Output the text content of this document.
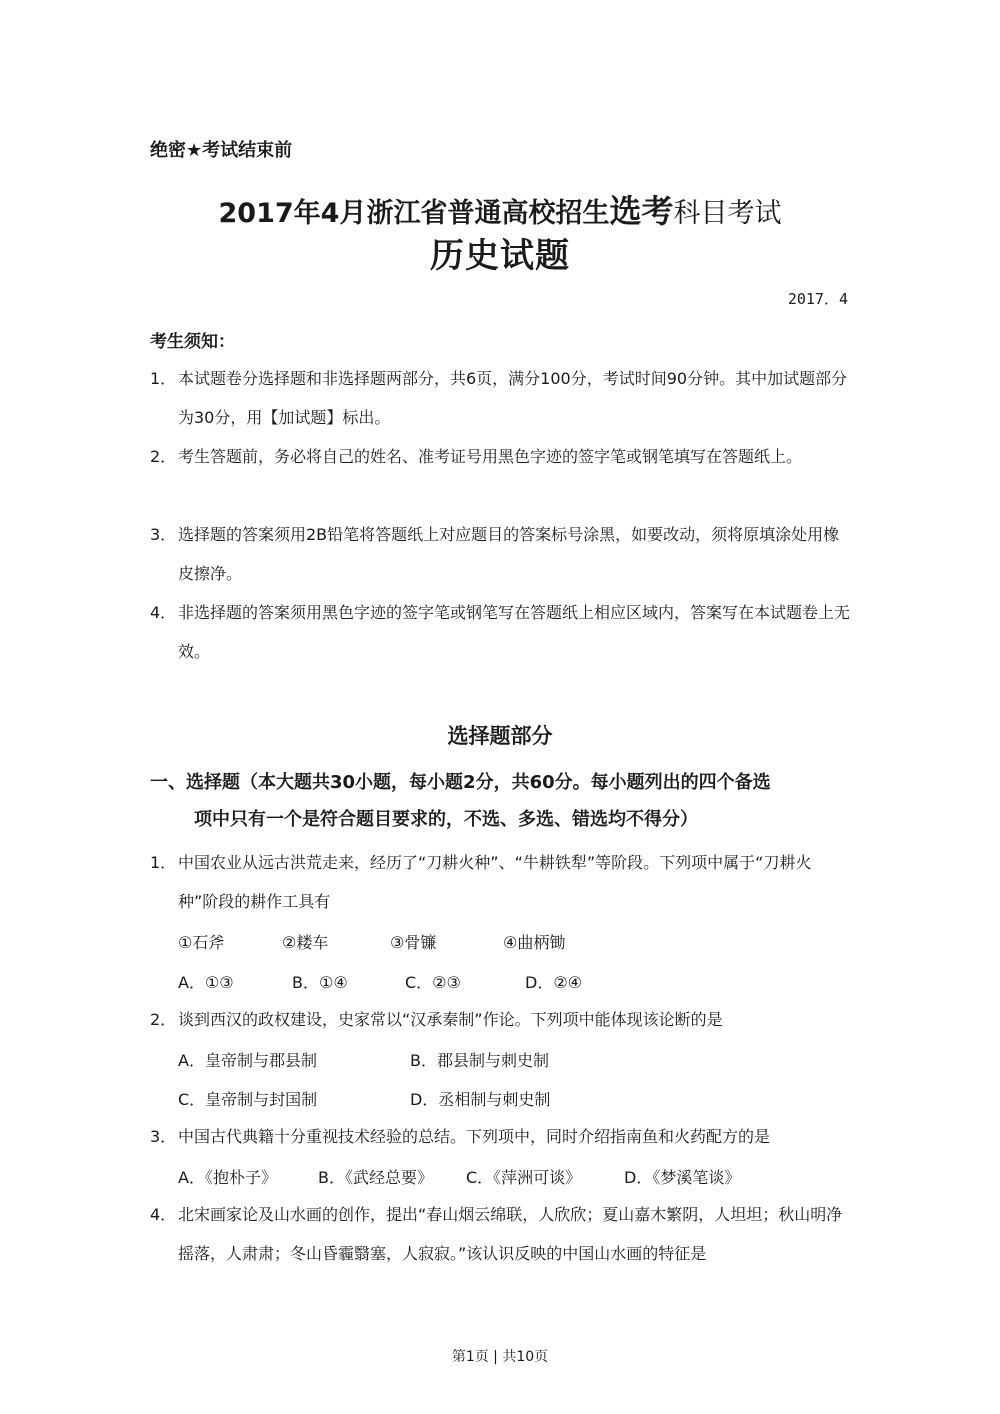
绝密★考试结束前
2017年4月浙江省普通高校招生选考科目考试
历史试题
2017．4
考生须知：
1． 本试题卷分选择题和非选择题两部分，共6页，满分100分，考试时间90分钟。其中加试题部分为30分，用【加试题】标出。
2． 考生答题前，务必将自己的姓名、准考证号用黑色字迹的签字笔或钢笔填写在答题纸上。
3． 选择题的答案须用2B铅笔将答题纸上对应题目的答案标号涂黑，如要改动，须将原填涂处用橡皮擦净。
4． 非选择题的答案须用黑色字迹的签字笔或钢笔写在答题纸上相应区域内，答案写在本试题卷上无效。
选择题部分
一、选择题（本大题共30小题，每小题2分，共60分。每小题列出的四个备选
项中只有一个是符合题目要求的，不选、多选、错选均不得分）
1． 中国农业从远古洪荒走来，经历了“刀耕火种”、“牛耕铁犁”等阶段。下列项中属于“刀耕火种”阶段的耕作工具有
①石斧	②耧车	③骨镰	④曲柄锄
A．①③	B．①④	C．②③	D．②④
2． 谈到西汉的政权建设，史家常以“汉承秦制”作论。下列项中能体现该论断的是
A．皇帝制与郡县制	B．郡县制与刺史制
C．皇帝制与封国制	D．丞相制与刺史制
3． 中国古代典籍十分重视技术经验的总结。下列项中，同时介绍指南鱼和火药配方的是
A．《抱朴子》	B．《武经总要》 C．《萍洲可谈》	D．《梦溪笔谈》
4． 北宋画家论及山水画的创作，提出“春山烟云绵联，人欣欣；夏山嘉木繁阴，人坦坦；秋山明净摇落，人肃肃；冬山昏霾翳塞，人寂寂。”该认识反映的中国山水画的特征是
第1页 | 共10页
